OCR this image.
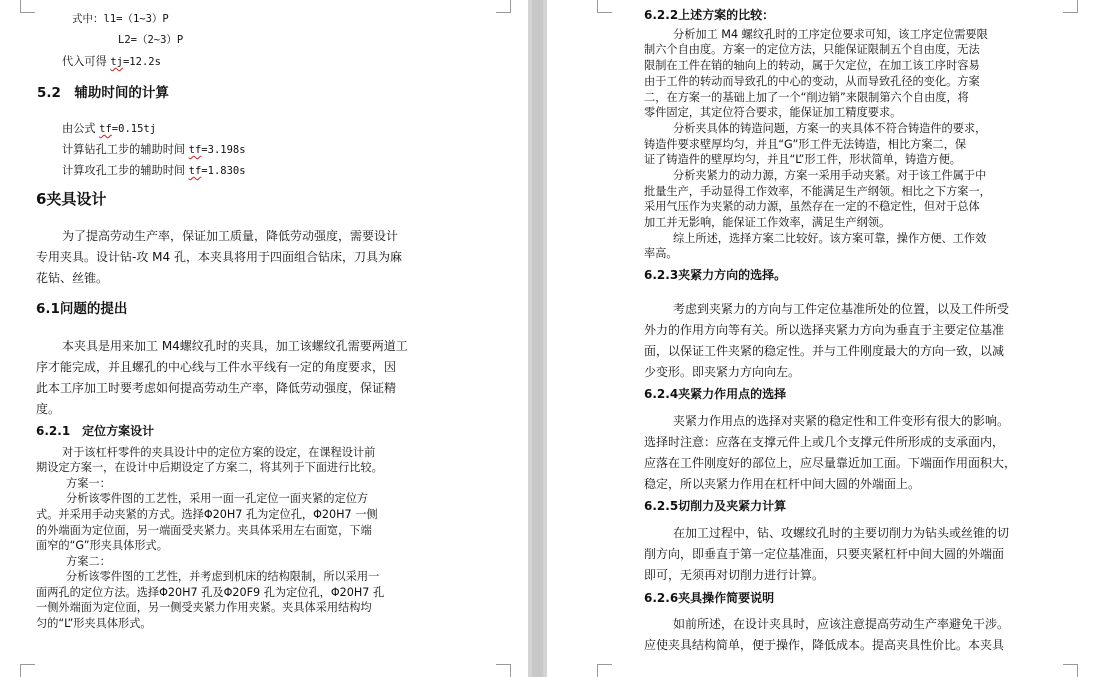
式中：l1=（1~3）P
L2=（2~3）P
代入可得 tj=12.2s
5.2　辅助时间的计算
由公式 tf=0.15tj
计算钻孔工步的辅助时间 tf=3.198s
计算攻孔工步的辅助时间 tf=1.830s
6夹具设计
为了提高劳动生产率，保证加工质量，降低劳动强度，需要设计
专用夹具。设计钻-攻 M4 孔，本夹具将用于四面组合钻床，刀具为麻
花钻、丝锥。
6.1问题的提出
本夹具是用来加工 M4螺纹孔时的夹具，加工该螺纹孔需要两道工
序才能完成，并且螺孔的中心线与工件水平线有一定的角度要求，因
此本工序加工时要考虑如何提高劳动生产率，降低劳动强度，保证精
度。
6.2.1　定位方案设计
对于该杠杆零件的夹具设计中的定位方案的设定，在课程设计前
期设定方案一，在设计中后期设定了方案二，将其列于下面进行比较。
方案一：
分析该零件图的工艺性，采用一面一孔定位一面夹紧的定位方
式。并采用手动夹紧的方式。选择Φ20H7 孔为定位孔，Φ20H7 一侧
的外端面为定位面，另一端面受夹紧力。夹具体采用左右面宽，下端
面窄的“G”形夹具体形式。
方案二：
分析该零件图的工艺性，并考虑到机床的结构限制，所以采用一
面两孔的定位方法。选择Φ20H7 孔及Φ20F9 孔为定位孔，Φ20H7 孔
一侧外端面为定位面，另一侧受夹紧力作用夹紧。夹具体采用结构均
匀的“L”形夹具体形式。
6.2.2上述方案的比较：
分析加工 M4 螺纹孔时的工序定位要求可知，该工序定位需要限
制六个自由度。方案一的定位方法，只能保证限制五个自由度，无法
限制在工件在销的轴向上的转动，属于欠定位，在加工该工序时容易
由于工件的转动而导致孔的中心的变动，从而导致孔径的变化。方案
二，在方案一的基础上加了一个“削边销”来限制第六个自由度，将
零件固定，其定位符合要求，能保证加工精度要求。
分析夹具体的铸造问题，方案一的夹具体不符合铸造件的要求，
铸造件要求壁厚均匀，并且“G”形工件无法铸造，相比方案二，保
证了铸造件的壁厚均匀，并且“L”形工件，形状简单，铸造方便。
分析夹紧力的动力源，方案一采用手动夹紧。对于该工件属于中
批量生产，手动显得工作效率，不能满足生产纲领。相比之下方案一，
采用气压作为夹紧的动力源，虽然存在一定的不稳定性，但对于总体
加工并无影响，能保证工作效率，满足生产纲领。
综上所述，选择方案二比较好。该方案可靠，操作方便、工作效
率高。
6.2.3夹紧力方向的选择。
考虑到夹紧力的方向与工件定位基准所处的位置，以及工件所受
外力的作用方向等有关。所以选择夹紧力方向为垂直于主要定位基准
面，以保证工件夹紧的稳定性。并与工件刚度最大的方向一致，以减
少变形。即夹紧力方向向左。
6.2.4夹紧力作用点的选择
夹紧力作用点的选择对夹紧的稳定性和工件变形有很大的影响。
选择时注意：应落在支撑元件上或几个支撑元件所形成的支承面内，
应落在工件刚度好的部位上，应尽量靠近加工面。下端面作用面积大，
稳定，所以夹紧力作用在杠杆中间大圆的外端面上。
6.2.5切削力及夹紧力计算
在加工过程中，钻、攻螺纹孔时的主要切削力为钻头或丝锥的切
削方向，即垂直于第一定位基准面，只要夹紧杠杆中间大圆的外端面
即可，无须再对切削力进行计算。
6.2.6夹具操作简要说明
如前所述，在设计夹具时，应该注意提高劳动生产率避免干涉。
应使夹具结构简单，便于操作，降低成本。提高夹具性价比。本夹具
